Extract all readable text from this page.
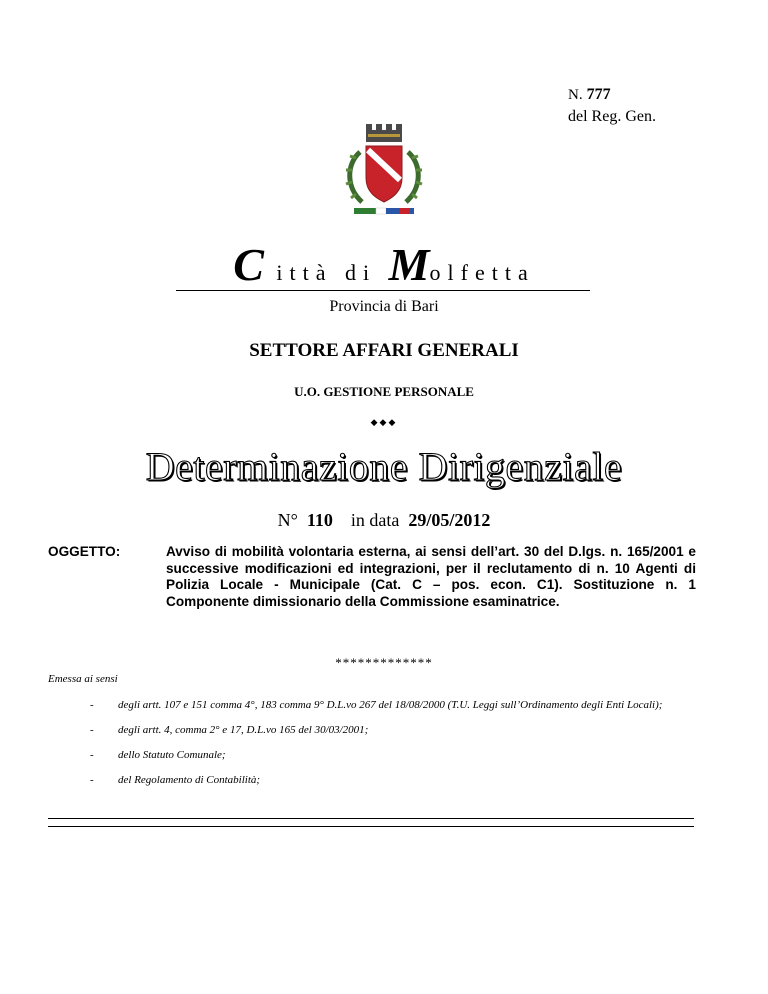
N. 777
del Reg. Gen.
C ittà di Molfetta
Provincia di Bari
SETTORE AFFARI GENERALI
U.O. GESTIONE PERSONALE
◆◆◆
Determinazione Dirigenziale
N° 110 in data 29/05/2012
OGGETTO:	Avviso di mobilità volontaria esterna, ai sensi dell’art. 30 del D.lgs. n. 165/2001 e successive modificazioni ed integrazioni, per il reclutamento di n. 10 Agenti di Polizia Locale - Municipale (Cat. C – pos. econ. C1). Sostituzione n. 1 Componente dimissionario della Commissione esaminatrice.
*************
Emessa ai sensi
- degli artt. 107 e 151 comma 4°, 183 comma 9° D.L.vo 267 del 18/08/2000 (T.U. Leggi sull’Ordinamento degli Enti Locali);
- degli artt. 4, comma 2° e 17, D.L.vo 165 del 30/03/2001;
- dello Statuto Comunale;
- del Regolamento di Contabilità;
